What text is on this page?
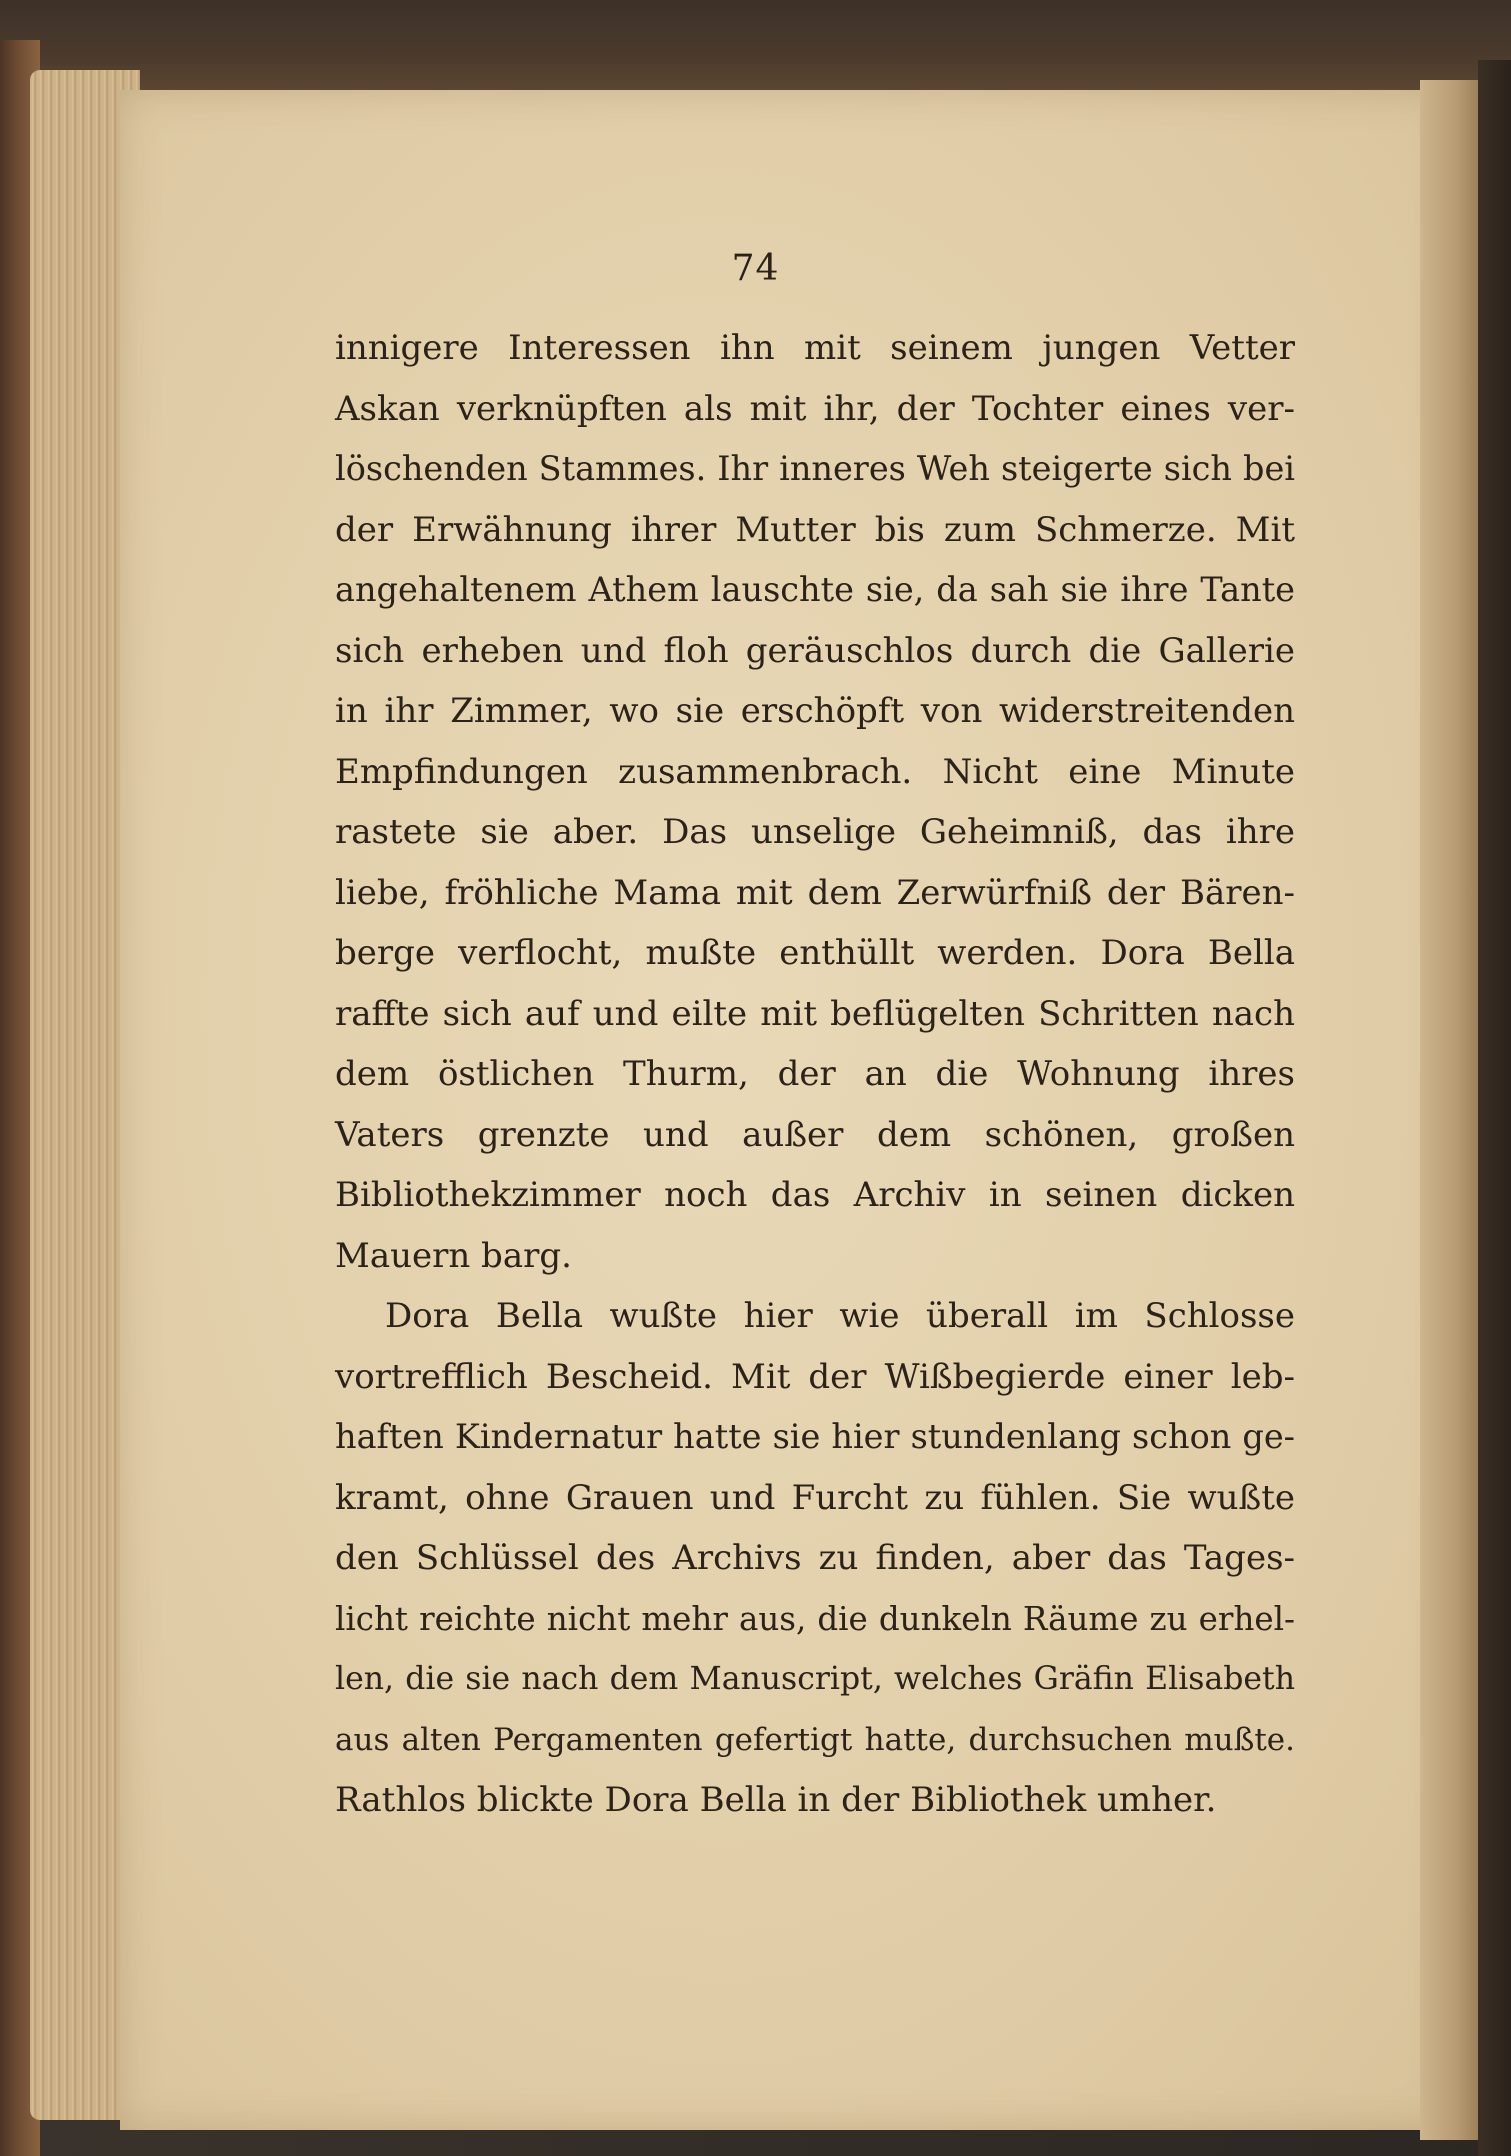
74
innigere Interessen ihn mit seinem jungen Vetter
Askan verknüpften als mit ihr, der Tochter eines ver-
löschenden Stammes. Ihr inneres Weh steigerte sich bei
der Erwähnung ihrer Mutter bis zum Schmerze. Mit
angehaltenem Athem lauschte sie, da sah sie ihre Tante
sich erheben und floh geräuschlos durch die Gallerie
in ihr Zimmer, wo sie erschöpft von widerstreitenden
Empfindungen zusammenbrach. Nicht eine Minute
rastete sie aber. Das unselige Geheimniß, das ihre
liebe, fröhliche Mama mit dem Zerwürfniß der Bären-
berge verflocht, mußte enthüllt werden. Dora Bella
raffte sich auf und eilte mit beflügelten Schritten nach
dem östlichen Thurm, der an die Wohnung ihres
Vaters grenzte und außer dem schönen, großen
Bibliothekzimmer noch das Archiv in seinen dicken
Mauern barg.
Dora Bella wußte hier wie überall im Schlosse
vortrefflich Bescheid. Mit der Wißbegierde einer leb-
haften Kindernatur hatte sie hier stundenlang schon ge-
kramt, ohne Grauen und Furcht zu fühlen. Sie wußte
den Schlüssel des Archivs zu finden, aber das Tages-
licht reichte nicht mehr aus, die dunkeln Räume zu erhel-
len, die sie nach dem Manuscript, welches Gräfin Elisabeth
aus alten Pergamenten gefertigt hatte, durchsuchen mußte.
Rathlos blickte Dora Bella in der Bibliothek umher.
